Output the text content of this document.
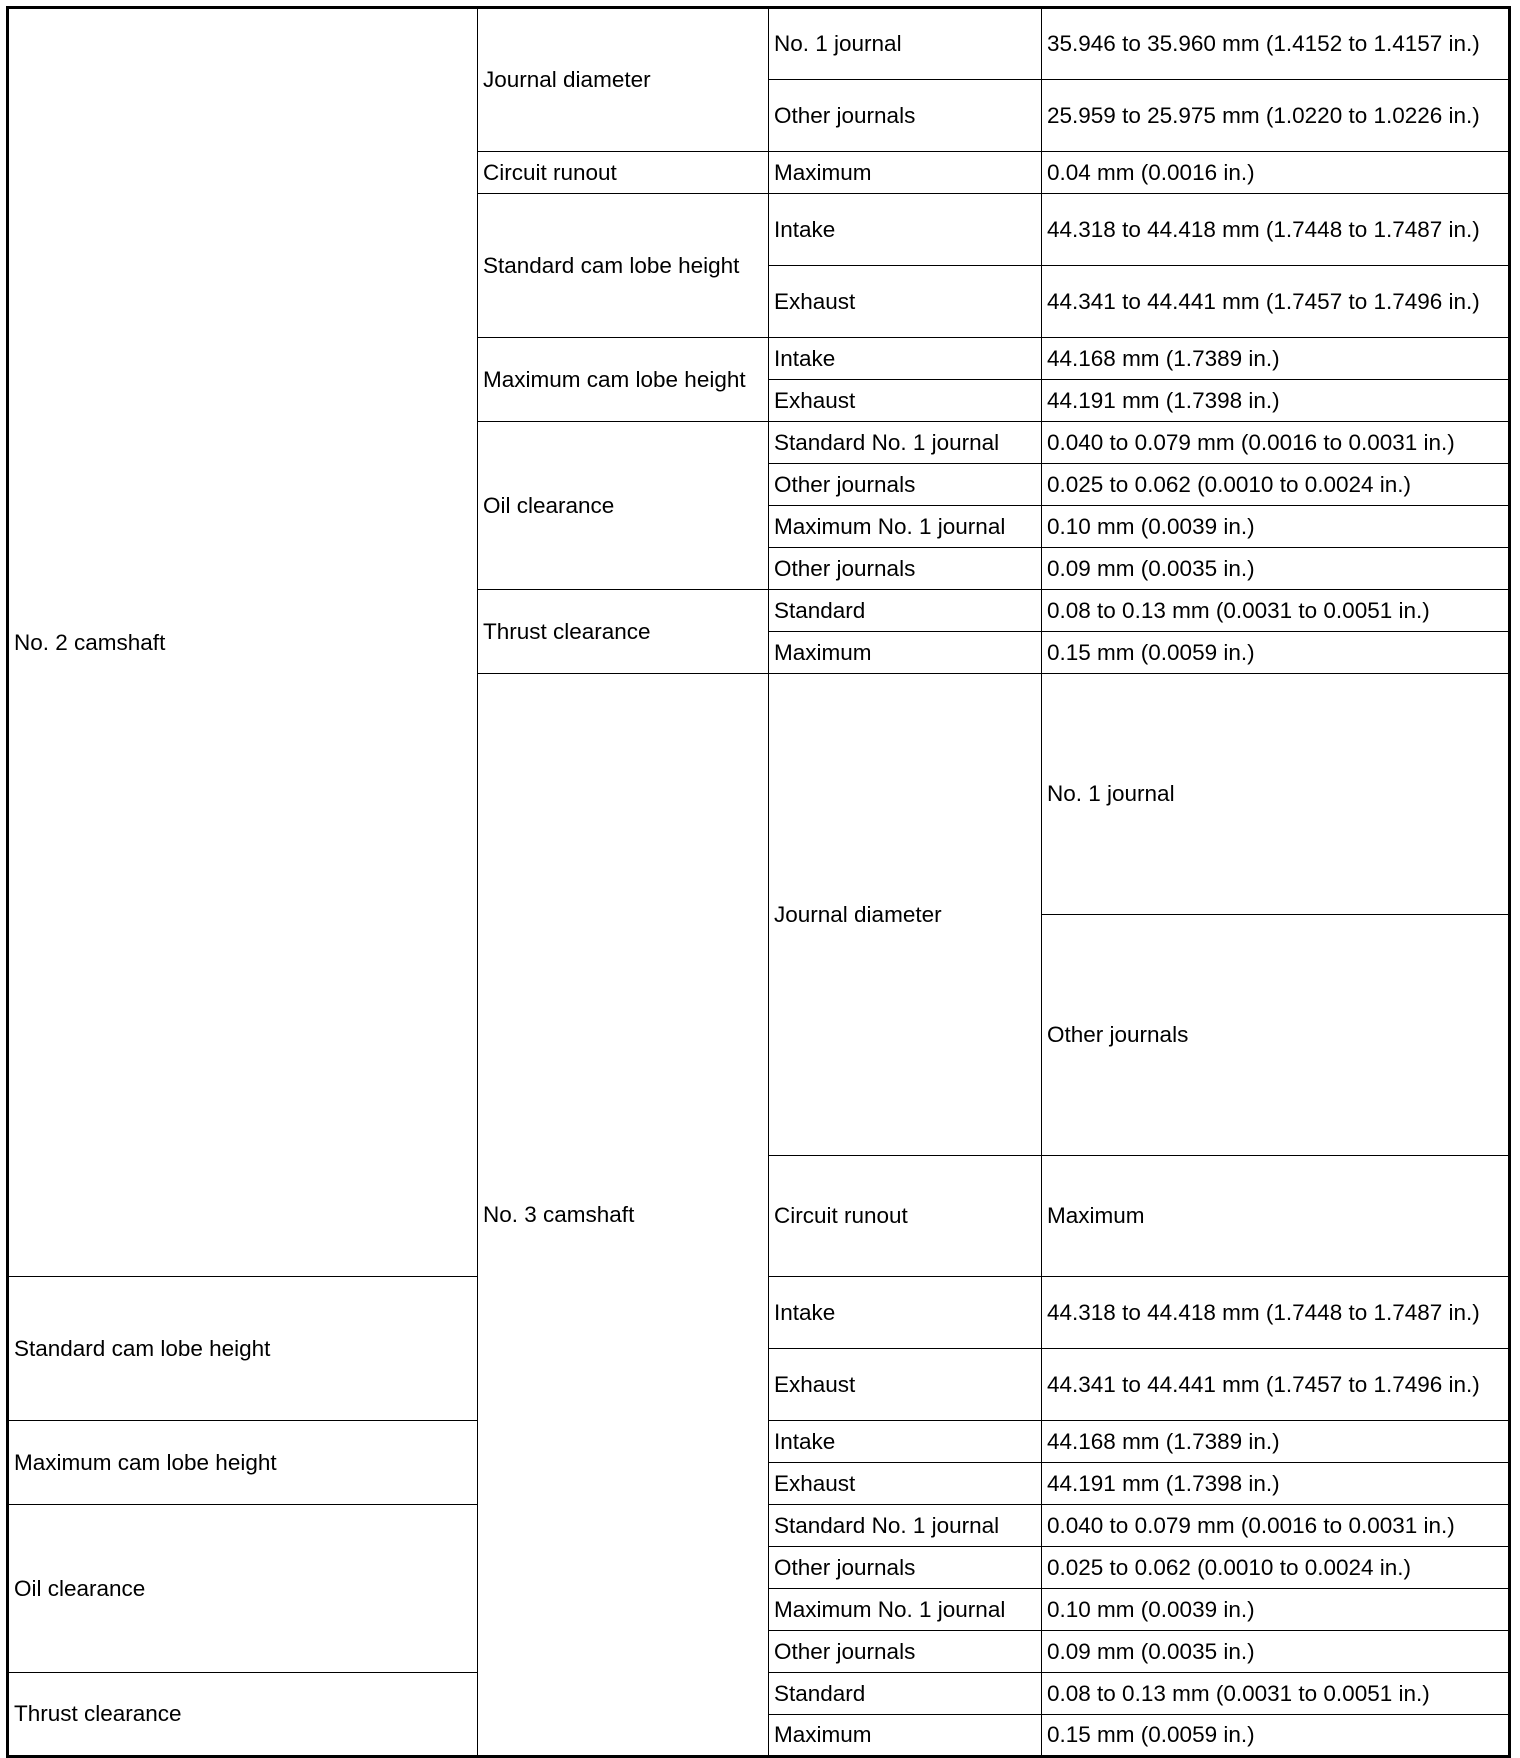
No. 2 camshaft	Journal diameter	No. 1 journal	35.946 to 35.960 mm (1.4152 to 1.4157 in.)	
		Other journals	25.959 to 25.975 mm (1.0220 to 1.0226 in.)	
	Circuit runout	Maximum	0.04 mm (0.0016 in.)	
	Standard cam lobe height	Intake	44.318 to 44.418 mm (1.7448 to 1.7487 in.)	
		Exhaust	44.341 to 44.441 mm (1.7457 to 1.7496 in.)	
	Maximum cam lobe height	Intake	44.168 mm (1.7389 in.)	
		Exhaust	44.191 mm (1.7398 in.)	
	Oil clearance	Standard No. 1 journal	0.040 to 0.079 mm (0.0016 to 0.0031 in.)	
		Other journals	0.025 to 0.062 (0.0010 to 0.0024 in.)	
		Maximum No. 1 journal	0.10 mm (0.0039 in.)	
		Other journals	0.09 mm (0.0035 in.)	
	Thrust clearance	Standard	0.08 to 0.13 mm (0.0031 to 0.0051 in.)	
		Maximum	0.15 mm (0.0059 in.)	
	No. 3 camshaft	Journal diameter	No. 1 journal	
			Other journals	
		Circuit runout	Maximum	
Standard cam lobe height		Intake	44.318 to 44.418 mm (1.7448 to 1.7487 in.)	
		Exhaust	44.341 to 44.441 mm (1.7457 to 1.7496 in.)	
Maximum cam lobe height		Intake	44.168 mm (1.7389 in.)	
		Exhaust	44.191 mm (1.7398 in.)	
Oil clearance		Standard No. 1 journal	0.040 to 0.079 mm (0.0016 to 0.0031 in.)	
		Other journals	0.025 to 0.062 (0.0010 to 0.0024 in.)	
		Maximum No. 1 journal	0.10 mm (0.0039 in.)	
		Other journals	0.09 mm (0.0035 in.)	
Thrust clearance		Standard	0.08 to 0.13 mm (0.0031 to 0.0051 in.)	
		Maximum	0.15 mm (0.0059 in.)	
